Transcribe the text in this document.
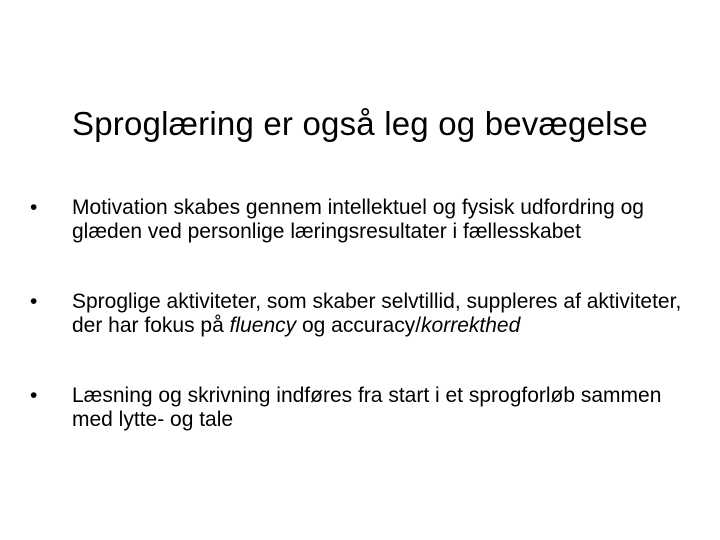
Sproglæring er også leg og bevægelse
•	Motivation skabes gennem intellektuel og fysisk udfordring og glæden ved personlige læringsresultater i fællesskabet
•	Sproglige aktiviteter, som skaber selvtillid, suppleres af aktiviteter, der har fokus på fluency og accuracy/korrekthed
•	Læsning og skrivning indføres fra start i et sprogforløb sammen med lytte- og tale
